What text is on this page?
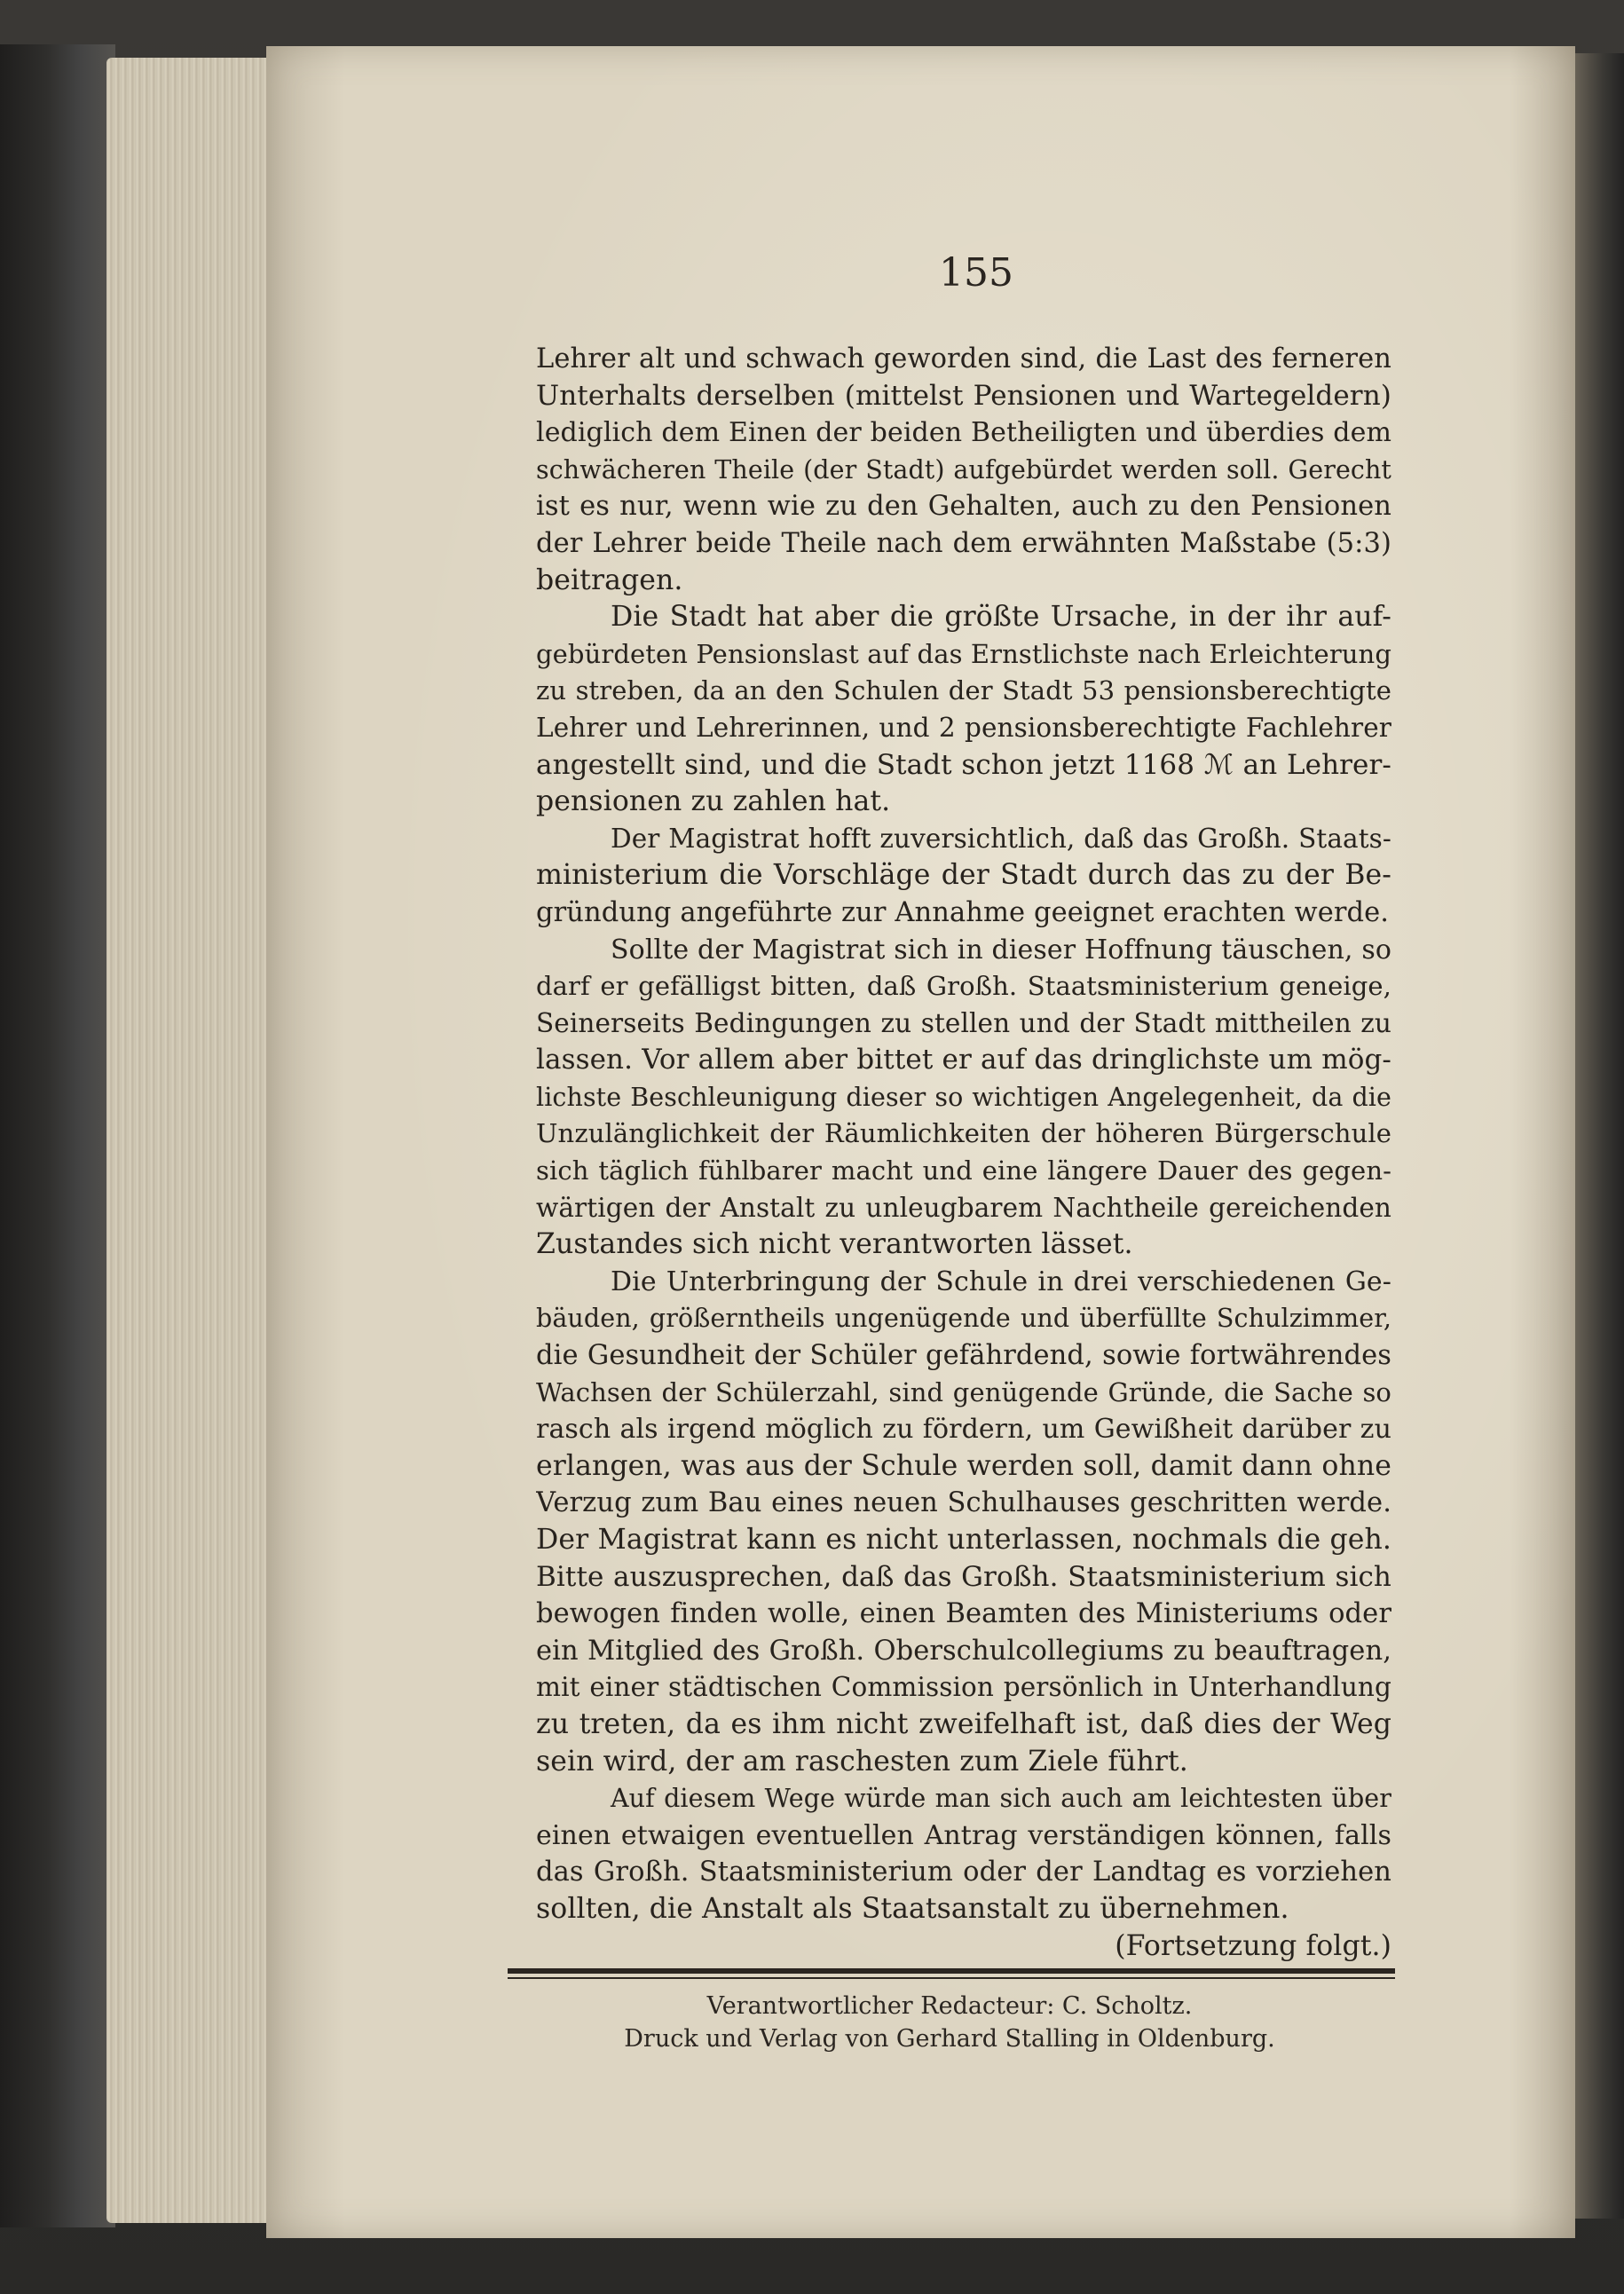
155
Lehrer alt und schwach geworden sind, die Last des ferneren
Unterhalts derselben (mittelst Pensionen und Wartegeldern)
lediglich dem Einen der beiden Betheiligten und überdies dem
schwächeren Theile (der Stadt) aufgebürdet werden soll. Gerecht
ist es nur, wenn wie zu den Gehalten, auch zu den Pensionen
der Lehrer beide Theile nach dem erwähnten Maßstabe (5:3)
beitragen.
Die Stadt hat aber die größte Ursache, in der ihr auf-
gebürdeten Pensionslast auf das Ernstlichste nach Erleichterung
zu streben, da an den Schulen der Stadt 53 pensionsberechtigte
Lehrer und Lehrerinnen, und 2 pensionsberechtigte Fachlehrer
angestellt sind, und die Stadt schon jetzt 1168 ℳ an Lehrer-
pensionen zu zahlen hat.
Der Magistrat hofft zuversichtlich, daß das Großh. Staats-
ministerium die Vorschläge der Stadt durch das zu der Be-
gründung angeführte zur Annahme geeignet erachten werde.
Sollte der Magistrat sich in dieser Hoffnung täuschen, so
darf er gefälligst bitten, daß Großh. Staatsministerium geneige,
Seinerseits Bedingungen zu stellen und der Stadt mittheilen zu
lassen. Vor allem aber bittet er auf das dringlichste um mög-
lichste Beschleunigung dieser so wichtigen Angelegenheit, da die
Unzulänglichkeit der Räumlichkeiten der höheren Bürgerschule
sich täglich fühlbarer macht und eine längere Dauer des gegen-
wärtigen der Anstalt zu unleugbarem Nachtheile gereichenden
Zustandes sich nicht verantworten lässet.
Die Unterbringung der Schule in drei verschiedenen Ge-
bäuden, größerntheils ungenügende und überfüllte Schulzimmer,
die Gesundheit der Schüler gefährdend, sowie fortwährendes
Wachsen der Schülerzahl, sind genügende Gründe, die Sache so
rasch als irgend möglich zu fördern, um Gewißheit darüber zu
erlangen, was aus der Schule werden soll, damit dann ohne
Verzug zum Bau eines neuen Schulhauses geschritten werde.
Der Magistrat kann es nicht unterlassen, nochmals die geh.
Bitte auszusprechen, daß das Großh. Staatsministerium sich
bewogen finden wolle, einen Beamten des Ministeriums oder
ein Mitglied des Großh. Oberschulcollegiums zu beauftragen,
mit einer städtischen Commission persönlich in Unterhandlung
zu treten, da es ihm nicht zweifelhaft ist, daß dies der Weg
sein wird, der am raschesten zum Ziele führt.
Auf diesem Wege würde man sich auch am leichtesten über
einen etwaigen eventuellen Antrag verständigen können, falls
das Großh. Staatsministerium oder der Landtag es vorziehen
sollten, die Anstalt als Staatsanstalt zu übernehmen.
(Fortsetzung folgt.)
Verantwortlicher Redacteur: C. Scholtz.
Druck und Verlag von Gerhard Stalling in Oldenburg.
